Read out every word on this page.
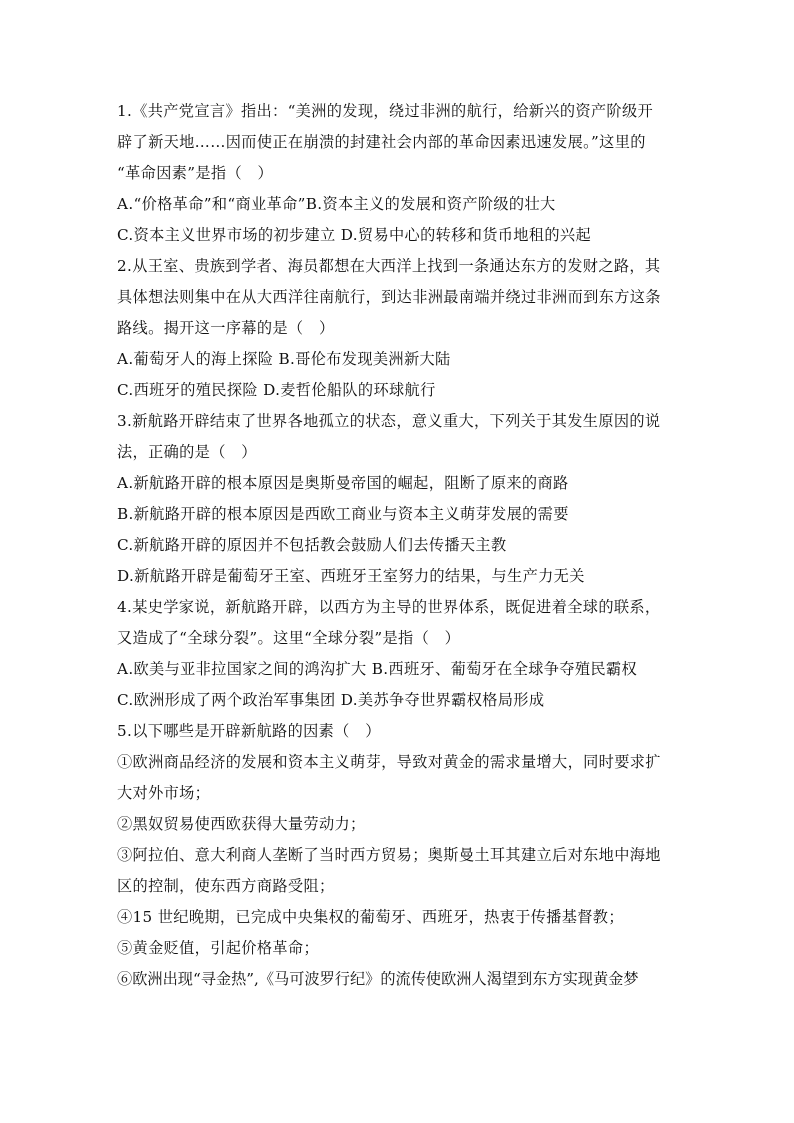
1.《共产党宣言》指出：“美洲的发现，绕过非洲的航行，给新兴的资产阶级开
辟了新天地……因而使正在崩溃的封建社会内部的革命因素迅速发展。”这里的
“革命因素”是指（　）
A.“价格革命”和“商业革命”B.资本主义的发展和资产阶级的壮大
C.资本主义世界市场的初步建立 D.贸易中心的转移和货币地租的兴起
2.从王室、贵族到学者、海员都想在大西洋上找到一条通达东方的发财之路，其
具体想法则集中在从大西洋往南航行，到达非洲最南端并绕过非洲而到东方这条
路线。揭开这一序幕的是（　）
A.葡萄牙人的海上探险 B.哥伦布发现美洲新大陆
C.西班牙的殖民探险 D.麦哲伦船队的环球航行
3.新航路开辟结束了世界各地孤立的状态，意义重大，下列关于其发生原因的说
法，正确的是（　）
A.新航路开辟的根本原因是奥斯曼帝国的崛起，阻断了原来的商路
B.新航路开辟的根本原因是西欧工商业与资本主义萌芽发展的需要
C.新航路开辟的原因并不包括教会鼓励人们去传播天主教
D.新航路开辟是葡萄牙王室、西班牙王室努力的结果，与生产力无关
4.某史学家说，新航路开辟，以西方为主导的世界体系，既促进着全球的联系，
又造成了“全球分裂”。这里“全球分裂”是指（　）
A.欧美与亚非拉国家之间的鸿沟扩大 B.西班牙、葡萄牙在全球争夺殖民霸权
C.欧洲形成了两个政治军事集团 D.美苏争夺世界霸权格局形成
5.以下哪些是开辟新航路的因素（　）
①欧洲商品经济的发展和资本主义萌芽，导致对黄金的需求量增大，同时要求扩
大对外市场；
②黑奴贸易使西欧获得大量劳动力；
③阿拉伯、意大利商人垄断了当时西方贸易；奥斯曼土耳其建立后对东地中海地
区的控制，使东西方商路受阻；
④15 世纪晚期，已完成中央集权的葡萄牙、西班牙，热衷于传播基督教；
⑤黄金贬值，引起价格革命；
⑥欧洲出现“寻金热”,《马可波罗行纪》的流传使欧洲人渴望到东方实现黄金梦
